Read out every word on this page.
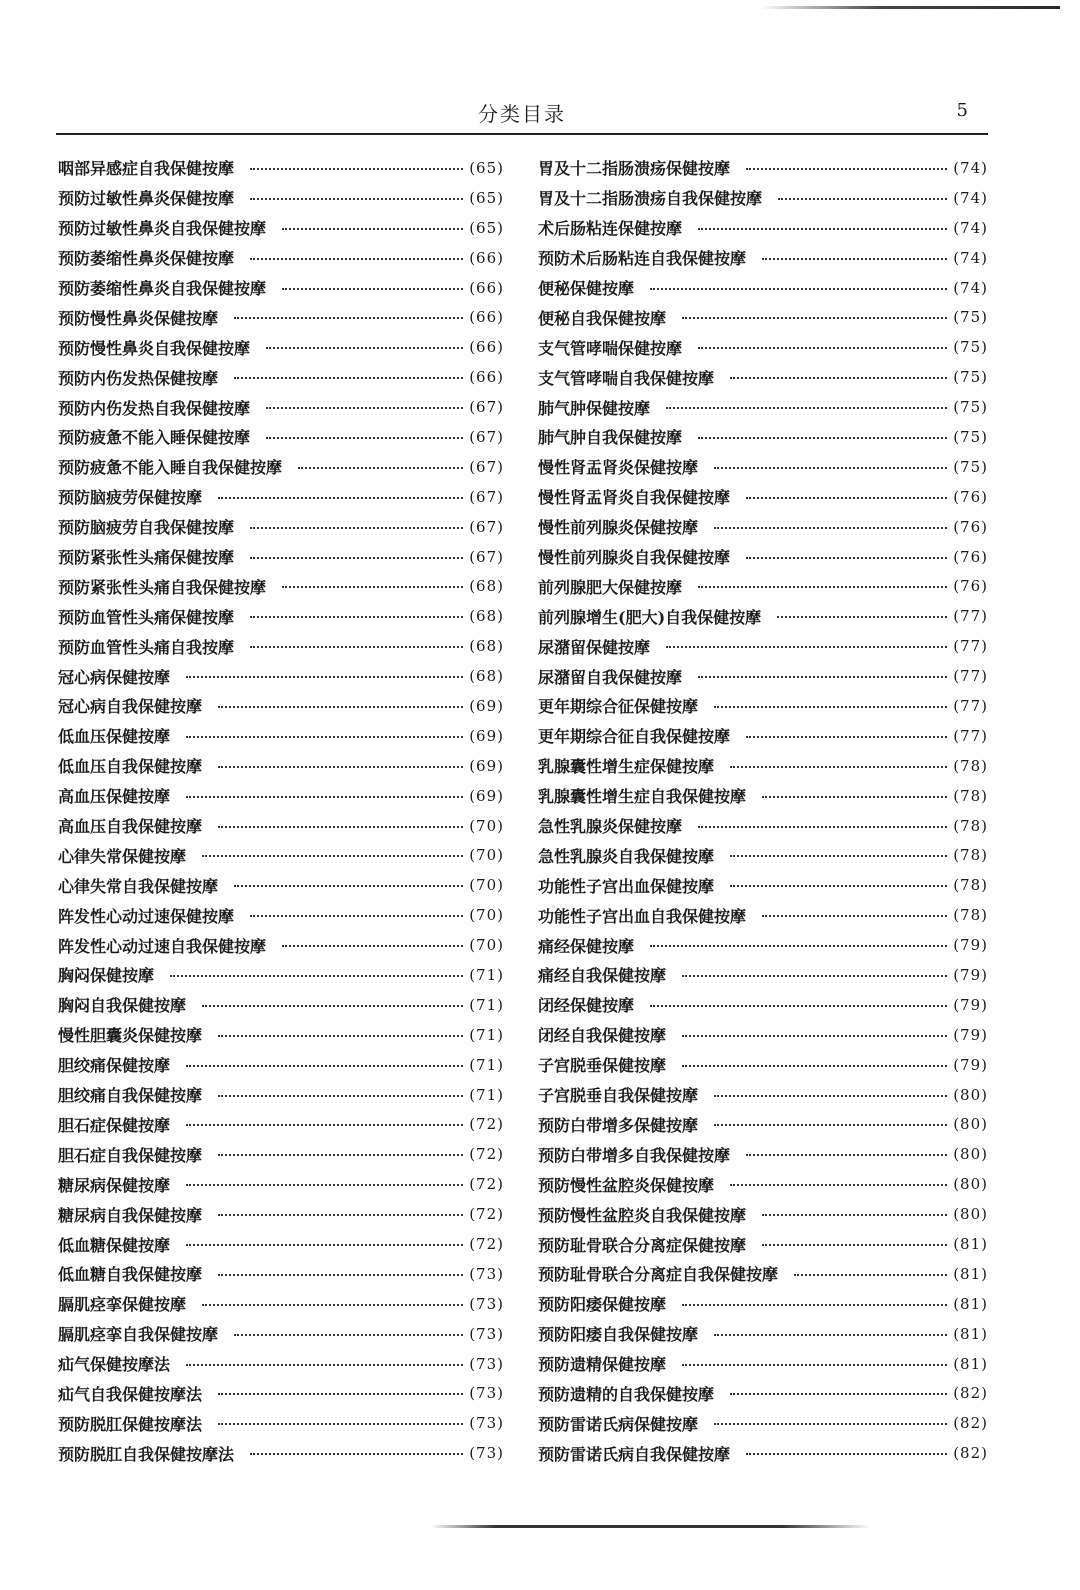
分类目录	5
咽部异感症自我保健按摩	(65)
预防过敏性鼻炎保健按摩	(65)
预防过敏性鼻炎自我保健按摩	(65)
预防萎缩性鼻炎保健按摩	(66)
预防萎缩性鼻炎自我保健按摩	(66)
预防慢性鼻炎保健按摩	(66)
预防慢性鼻炎自我保健按摩	(66)
预防内伤发热保健按摩	(66)
预防内伤发热自我保健按摩	(67)
预防疲惫不能入睡保健按摩	(67)
预防疲惫不能入睡自我保健按摩	(67)
预防脑疲劳保健按摩	(67)
预防脑疲劳自我保健按摩	(67)
预防紧张性头痛保健按摩	(67)
预防紧张性头痛自我保健按摩	(68)
预防血管性头痛保健按摩	(68)
预防血管性头痛自我按摩	(68)
冠心病保健按摩	(68)
冠心病自我保健按摩	(69)
低血压保健按摩	(69)
低血压自我保健按摩	(69)
高血压保健按摩	(69)
高血压自我保健按摩	(70)
心律失常保健按摩	(70)
心律失常自我保健按摩	(70)
阵发性心动过速保健按摩	(70)
阵发性心动过速自我保健按摩	(70)
胸闷保健按摩	(71)
胸闷自我保健按摩	(71)
慢性胆囊炎保健按摩	(71)
胆绞痛保健按摩	(71)
胆绞痛自我保健按摩	(71)
胆石症保健按摩	(72)
胆石症自我保健按摩	(72)
糖尿病保健按摩	(72)
糖尿病自我保健按摩	(72)
低血糖保健按摩	(72)
低血糖自我保健按摩	(73)
膈肌痉挛保健按摩	(73)
膈肌痉挛自我保健按摩	(73)
疝气保健按摩法	(73)
疝气自我保健按摩法	(73)
预防脱肛保健按摩法	(73)
预防脱肛自我保健按摩法	(73)
胃及十二指肠溃疡保健按摩	(74)
胃及十二指肠溃疡自我保健按摩	(74)
术后肠粘连保健按摩	(74)
预防术后肠粘连自我保健按摩	(74)
便秘保健按摩	(74)
便秘自我保健按摩	(75)
支气管哮喘保健按摩	(75)
支气管哮喘自我保健按摩	(75)
肺气肿保健按摩	(75)
肺气肿自我保健按摩	(75)
慢性肾盂肾炎保健按摩	(75)
慢性肾盂肾炎自我保健按摩	(76)
慢性前列腺炎保健按摩	(76)
慢性前列腺炎自我保健按摩	(76)
前列腺肥大保健按摩	(76)
前列腺增生(肥大)自我保健按摩	(77)
尿潴留保健按摩	(77)
尿潴留自我保健按摩	(77)
更年期综合征保健按摩	(77)
更年期综合征自我保健按摩	(77)
乳腺囊性增生症保健按摩	(78)
乳腺囊性增生症自我保健按摩	(78)
急性乳腺炎保健按摩	(78)
急性乳腺炎自我保健按摩	(78)
功能性子宫出血保健按摩	(78)
功能性子宫出血自我保健按摩	(78)
痛经保健按摩	(79)
痛经自我保健按摩	(79)
闭经保健按摩	(79)
闭经自我保健按摩	(79)
子宫脱垂保健按摩	(79)
子宫脱垂自我保健按摩	(80)
预防白带增多保健按摩	(80)
预防白带增多自我保健按摩	(80)
预防慢性盆腔炎保健按摩	(80)
预防慢性盆腔炎自我保健按摩	(80)
预防耻骨联合分离症保健按摩	(81)
预防耻骨联合分离症自我保健按摩	(81)
预防阳痿保健按摩	(81)
预防阳痿自我保健按摩	(81)
预防遗精保健按摩	(81)
预防遗精的自我保健按摩	(82)
预防雷诺氏病保健按摩	(82)
预防雷诺氏病自我保健按摩	(82)
